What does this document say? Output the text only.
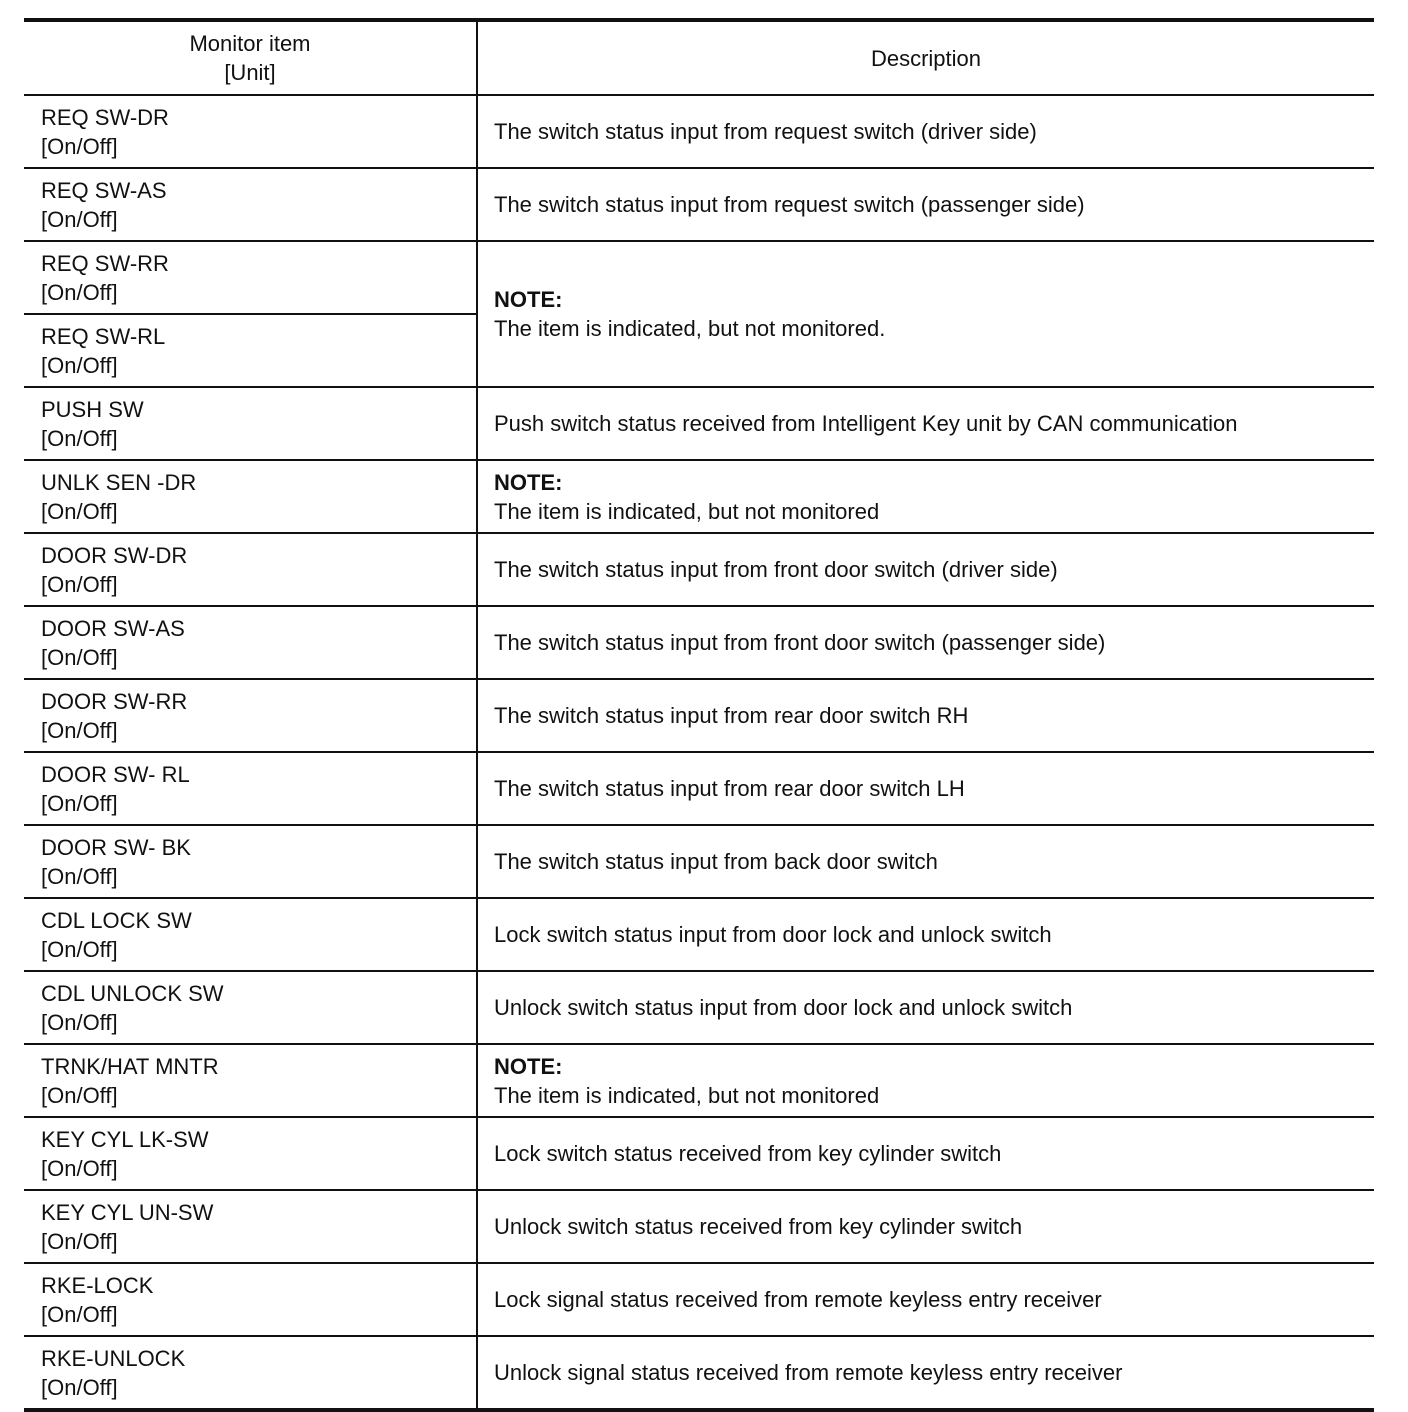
Monitor item
[Unit]	Description

REQ SW-DR
[On/Off]	The switch status input from request switch (driver side)

REQ SW-AS
[On/Off]	The switch status input from request switch (passenger side)

REQ SW-RR
[On/Off]	NOTE:
The item is indicated, but not monitored.

REQ SW-RL
[On/Off]	

PUSH SW
[On/Off]	Push switch status received from Intelligent Key unit by CAN communication

UNLK SEN -DR
[On/Off]	NOTE:
The item is indicated, but not monitored

DOOR SW-DR
[On/Off]	The switch status input from front door switch (driver side)

DOOR SW-AS
[On/Off]	The switch status input from front door switch (passenger side)

DOOR SW-RR
[On/Off]	The switch status input from rear door switch RH

DOOR SW- RL
[On/Off]	The switch status input from rear door switch LH

DOOR SW- BK
[On/Off]	The switch status input from back door switch

CDL LOCK SW
[On/Off]	Lock switch status input from door lock and unlock switch

CDL UNLOCK SW
[On/Off]	Unlock switch status input from door lock and unlock switch

TRNK/HAT MNTR
[On/Off]	NOTE:
The item is indicated, but not monitored

KEY CYL LK-SW
[On/Off]	Lock switch status received from key cylinder switch

KEY CYL UN-SW
[On/Off]	Unlock switch status received from key cylinder switch

RKE-LOCK
[On/Off]	Lock signal status received from remote keyless entry receiver

RKE-UNLOCK
[On/Off]	Unlock signal status received from remote keyless entry receiver
